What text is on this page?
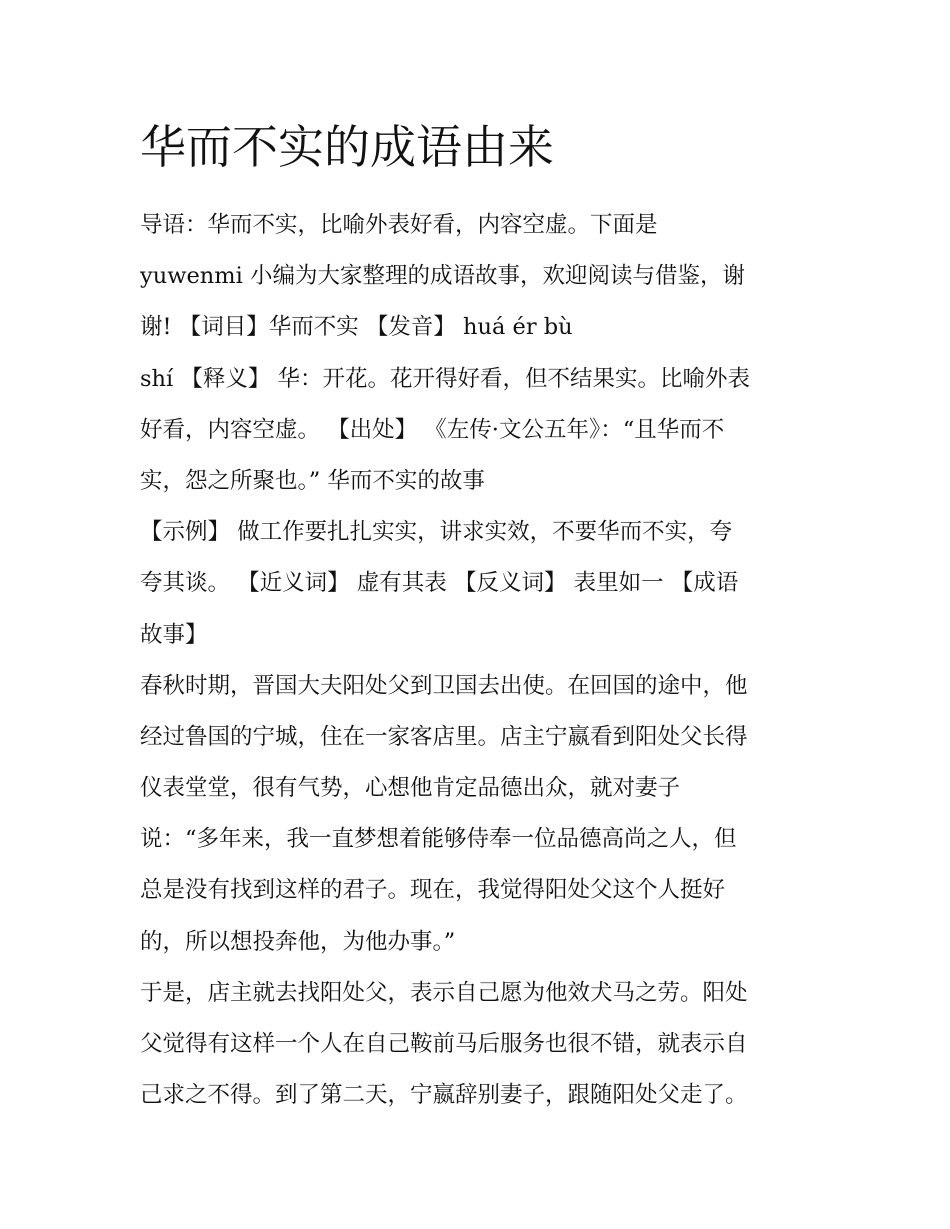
华而不实的成语由来
导语：华而不实，比喻外表好看，内容空虚。下面是
yuwenmi 小编为大家整理的成语故事，欢迎阅读与借鉴，谢
谢! 【词目】华而不实 【发音】 huá ér bù
shí 【释义】 华：开花。花开得好看，但不结果实。比喻外表
好看，内容空虚。 【出处】 《左传·文公五年》：“且华而不
实，怨之所聚也。” 华而不实的故事
【示例】 做工作要扎扎实实，讲求实效，不要华而不实，夸
夸其谈。 【近义词】 虚有其表 【反义词】 表里如一 【成语
故事】
春秋时期，晋国大夫阳处父到卫国去出使。在回国的途中，他
经过鲁国的宁城，住在一家客店里。店主宁嬴看到阳处父长得
仪表堂堂，很有气势，心想他肯定品德出众，就对妻子
说：“多年来，我一直梦想着能够侍奉一位品德高尚之人，但
总是没有找到这样的君子。现在，我觉得阳处父这个人挺好
的，所以想投奔他，为他办事。”
于是，店主就去找阳处父，表示自己愿为他效犬马之劳。阳处
父觉得有这样一个人在自己鞍前马后服务也很不错，就表示自
己求之不得。到了第二天，宁嬴辞别妻子，跟随阳处父走了。
